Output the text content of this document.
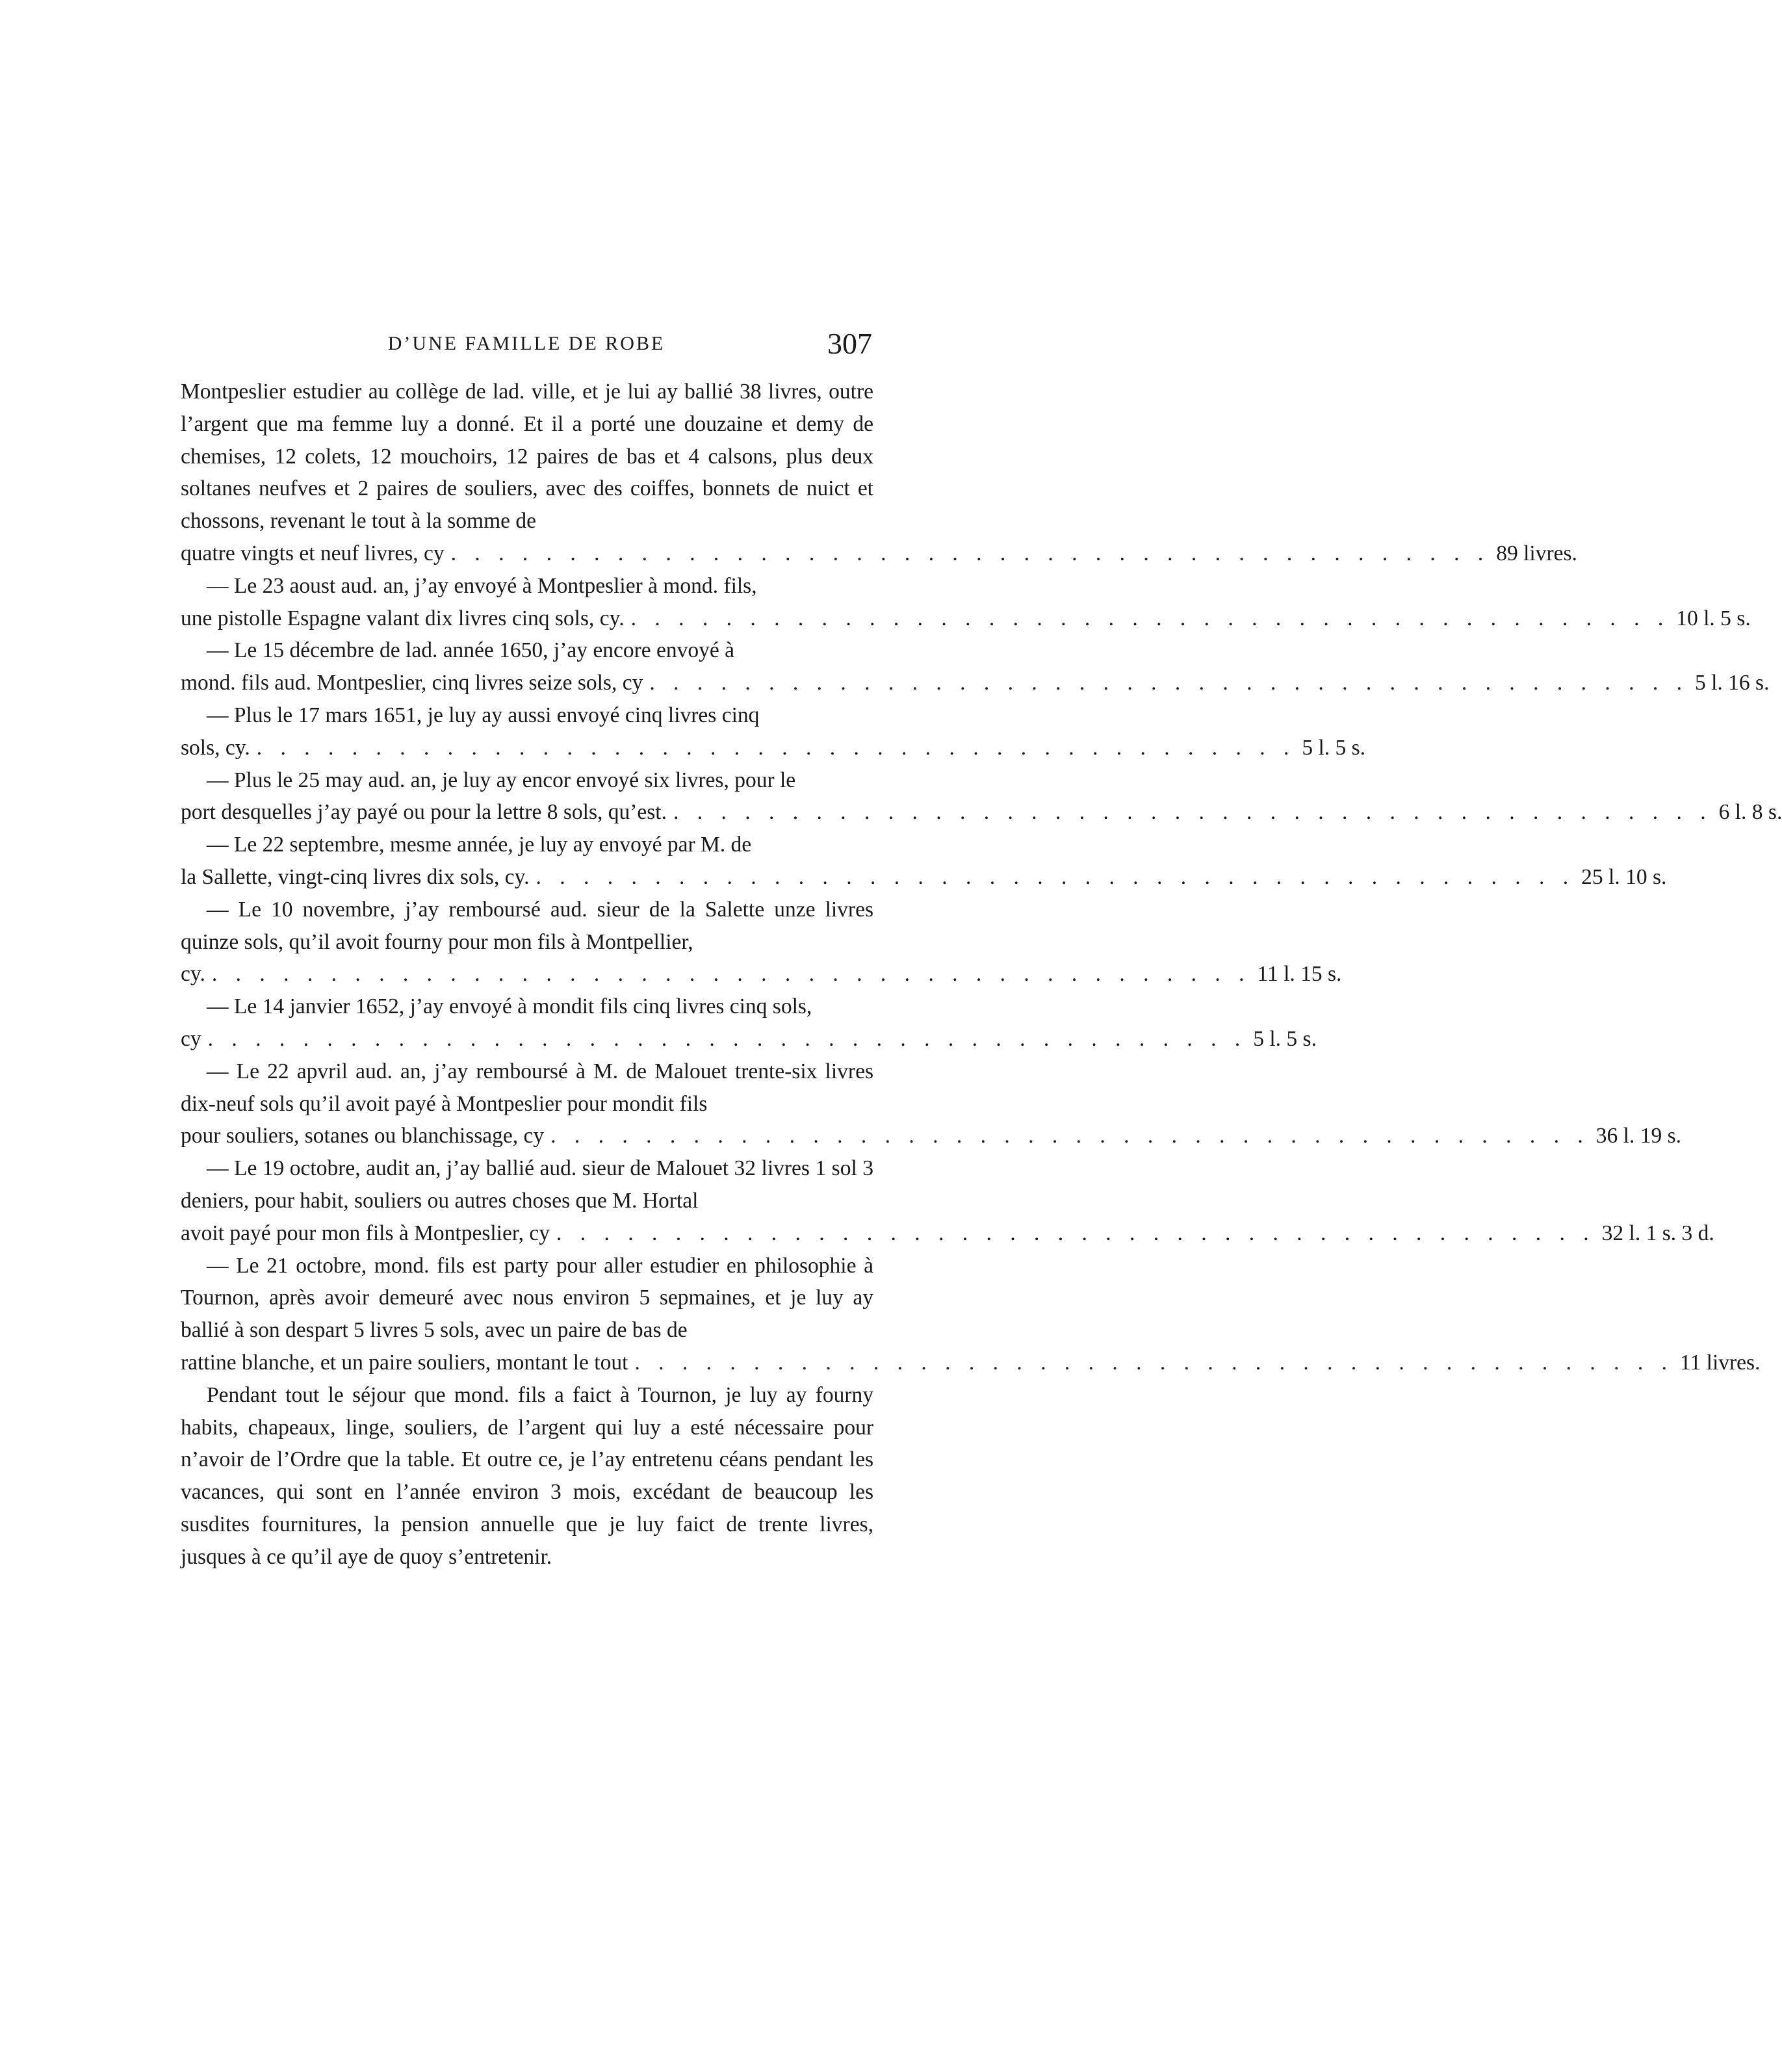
D’UNE FAMILLE DE ROBE	307

Montpeslier estudier au collège de lad. ville, et je lui ay ballié 38 livres, outre l’argent que ma femme luy a donné. Et il a porté une douzaine et demy de chemises, 12 colets, 12 mouchoirs, 12 paires de bas et 4 calsons, plus deux soltanes neufves et 2 paires de souliers, avec des coiffes, bonnets de nuict et chossons, revenant le tout à la somme de

quatre vingts et neuf livres, cy . . . . . . . . . . . . . . . . . . . . . . . . . . . . . . . . . . . . . . . . . . . . 89 livres.

— Le 23 aoust aud. an, j’ay envoyé à Montpeslier à mond. fils,

une pistolle Espagne valant dix livres cinq sols, cy. . . . . . . . . . . . . . . . . . . . . . . . . . . . . . . . . . . . . . . . . . . . . 10 l. 5 s.

— Le 15 décembre de lad. année 1650, j’ay encore envoyé à

mond. fils aud. Montpeslier, cinq livres seize sols, cy . . . . . . . . . . . . . . . . . . . . . . . . . . . . . . . . . . . . . . . . . . . . 5 l. 16 s.

— Plus le 17 mars 1651, je luy ay aussi envoyé cinq livres cinq

sols, cy. . . . . . . . . . . . . . . . . . . . . . . . . . . . . . . . . . . . . . . . . . . . . 5 l. 5 s.

— Plus le 25 may aud. an, je luy ay encor envoyé six livres, pour le

port desquelles j’ay payé ou pour la lettre 8 sols, qu’est. . . . . . . . . . . . . . . . . . . . . . . . . . . . . . . . . . . . . . . . . . . . . 6 l. 8 s.

— Le 22 septembre, mesme année, je luy ay envoyé par M. de

la Sallette, vingt-cinq livres dix sols, cy. . . . . . . . . . . . . . . . . . . . . . . . . . . . . . . . . . . . . . . . . . . . . 25 l. 10 s.

— Le 10 novembre, j’ay remboursé aud. sieur de la Salette unze livres quinze sols, qu’il avoit fourny pour mon fils à Montpellier,

cy. . . . . . . . . . . . . . . . . . . . . . . . . . . . . . . . . . . . . . . . . . . . . 11 l. 15 s.

— Le 14 janvier 1652, j’ay envoyé à mondit fils cinq livres cinq sols,

cy . . . . . . . . . . . . . . . . . . . . . . . . . . . . . . . . . . . . . . . . . . . . 5 l. 5 s.

— Le 22 apvril aud. an, j’ay remboursé à M. de Malouet trente-six livres dix-neuf sols qu’il avoit payé à Montpeslier pour mondit fils

pour souliers, sotanes ou blanchissage, cy . . . . . . . . . . . . . . . . . . . . . . . . . . . . . . . . . . . . . . . . . . . . 36 l. 19 s.

— Le 19 octobre, audit an, j’ay ballié aud. sieur de Malouet 32 livres 1 sol 3 deniers, pour habit, souliers ou autres choses que M. Hortal

avoit payé pour mon fils à Montpeslier, cy . . . . . . . . . . . . . . . . . . . . . . . . . . . . . . . . . . . . . . . . . . . . 32 l. 1 s. 3 d.

— Le 21 octobre, mond. fils est party pour aller estudier en philosophie à Tournon, après avoir demeuré avec nous environ 5 sepmaines, et je luy ay ballié à son despart 5 livres 5 sols, avec un paire de bas de

rattine blanche, et un paire souliers, montant le tout . . . . . . . . . . . . . . . . . . . . . . . . . . . . . . . . . . . . . . . . . . . . 11 livres.

Pendant tout le séjour que mond. fils a faict à Tournon, je luy ay fourny habits, chapeaux, linge, souliers, de l’argent qui luy a esté nécessaire pour n’avoir de l’Ordre que la table. Et outre ce, je l’ay entretenu céans pendant les vacances, qui sont en l’année environ 3 mois, excédant de beaucoup les susdites fournitures, la pension annuelle que je luy faict de trente livres, jusques à ce qu’il aye de quoy s’entretenir.
